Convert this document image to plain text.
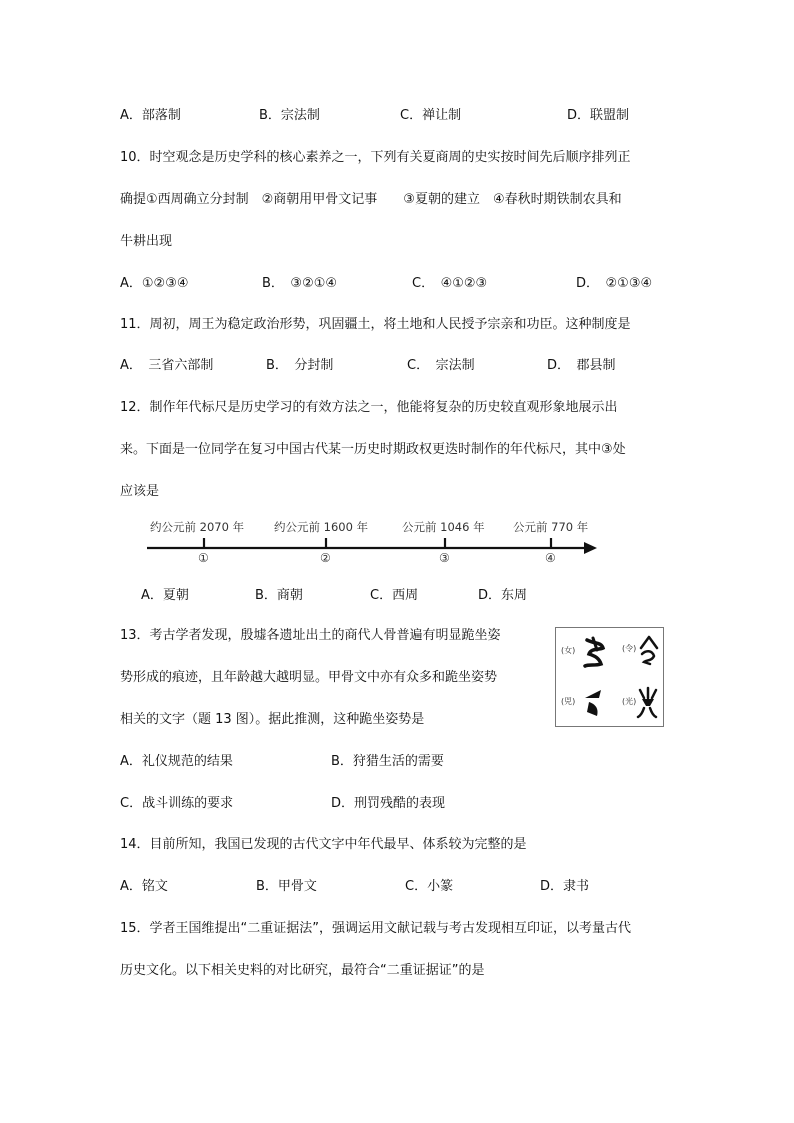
A．部落制	B．宗法制	C．禅让制	D．联盟制
10．时空观念是历史学科的核心素养之一，下列有关夏商周的史实按时间先后顺序排列正
确提①西周确立分封制　②商朝用甲骨文记事　　③夏朝的建立　④春秋时期铁制农具和
牛耕出现
A．①②③④	B．　③②①④	C．　④①②③	D．　②①③④
11．周初，周王为稳定政治形势，巩固疆土，将土地和人民授予宗亲和功臣。这种制度是
A．　三省六部制	B．　分封制	C．　宗法制	D．　郡县制
12．制作年代标尺是历史学习的有效方法之一，他能将复杂的历史较直观形象地展示出
来。下面是一位同学在复习中国古代某一历史时期政权更迭时制作的年代标尺，其中③处
应该是
约公元前 2070 年	约公元前 1600 年	公元前 1046 年 公元前 770 年
①	②	③	④
A．夏朝	B．商朝	C．西周	D．东周
13．考古学者发现，殷墟各遗址出土的商代人骨普遍有明显跪坐姿
势形成的痕迹，且年龄越大越明显。甲骨文中亦有众多和跪坐姿势
相关的文字（题 13 图）。据此推测，这种跪坐姿势是
(女)	(令)
(兕)	(光)
A．礼仪规范的结果	B．狩猎生活的需要
C．战斗训练的要求	D．刑罚残酷的表现
14．目前所知，我国已发现的古代文字中年代最早、体系较为完整的是
A．铭文	B．甲骨文	C．小篆	D．隶书
15．学者王国维提出“二重证据法”，强调运用文献记载与考古发现相互印证，以考量古代
历史文化。以下相关史料的对比研究，最符合“二重证据证”的是
